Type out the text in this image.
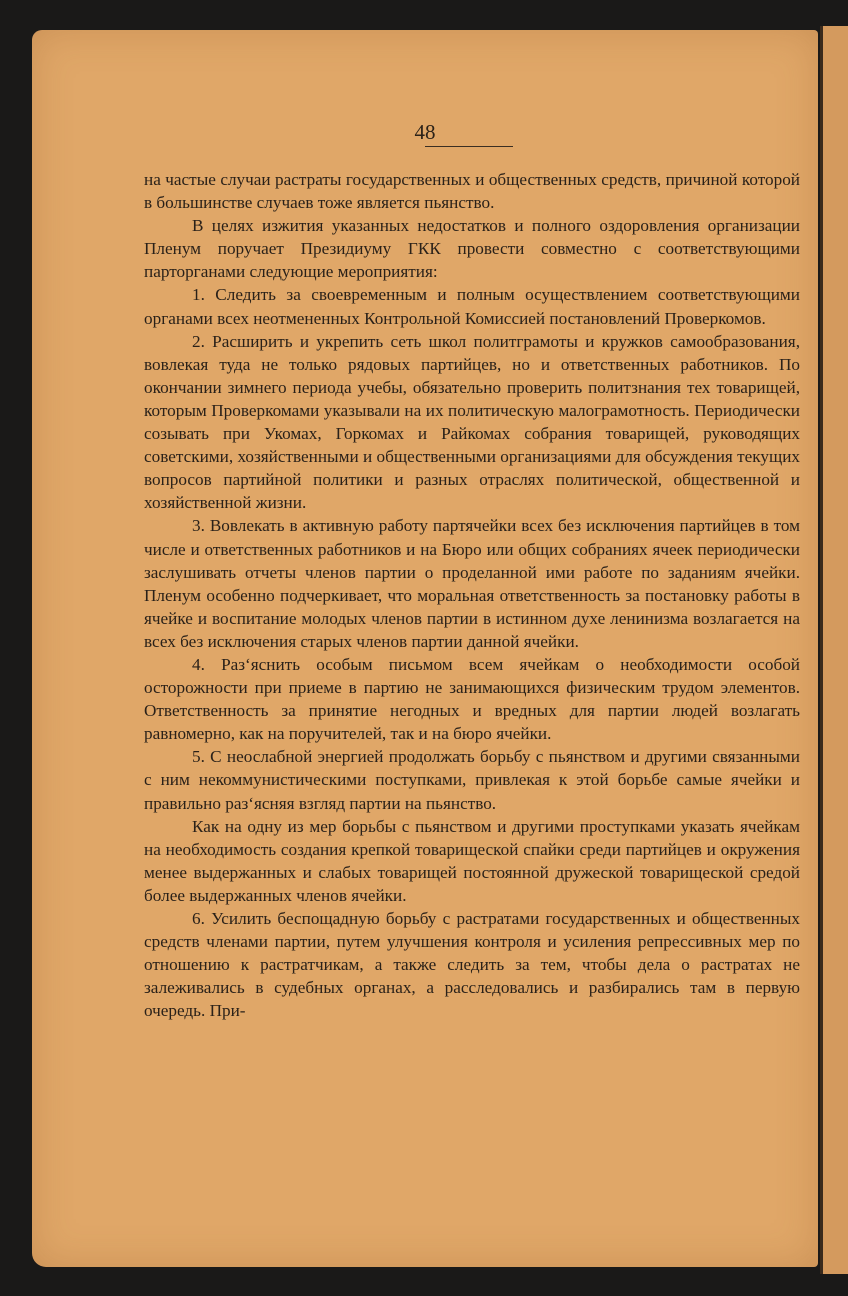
48

на частые случаи растраты государственных и общественных средств, причиной которой в большинстве случаев тоже является пьянство.

В целях изжития указанных недостатков и полного оздоровления организации Пленум поручает Президиуму ГКК провести совместно с соответствующими парторганами следующие мероприятия:

1. Следить за своевременным и полным осуществлением соответствующими органами всех неотмененных Контрольной Комиссией постановлений Проверкомов.

2. Расширить и укрепить сеть школ политграмоты и кружков самообразования, вовлекая туда не только рядовых партийцев, но и ответственных работников. По окончании зимнего периода учебы, обязательно проверить политзнания тех товарищей, которым Проверкомами указывали на их политическую малограмотность. Периодически созывать при Укомах, Горкомах и Райкомах собрания товарищей, руководящих советскими, хозяйственными и общественными организациями для обсуждения текущих вопросов партийной политики и разных отраслях политической, общественной и хозяйственной жизни.

3. Вовлекать в активную работу партячейки всех без исключения партийцев в том числе и ответственных работников и на Бюро или общих собраниях ячеек периодически заслушивать отчеты членов партии о проделанной ими работе по заданиям ячейки. Пленум особенно подчеркивает, что моральная ответственность за постановку работы в ячейке и воспитание молодых членов партии в истинном духе ленинизма возлагается на всех без исключения старых членов партии данной ячейки.

4. Раз‘яснить особым письмом всем ячейкам о необходимости особой осторожности при приеме в партию не занимающихся физическим трудом элементов. Ответственность за принятие негодных и вредных для партии людей возлагать равномерно, как на поручителей, так и на бюро ячейки.

5. С неослабной энергией продолжать борьбу с пьянством и другими связанными с ним некоммунистическими поступками, привлекая к этой борьбе самые ячейки и правильно раз‘ясняя взгляд партии на пьянство.

Как на одну из мер борьбы с пьянством и другими проступками указать ячейкам на необходимость создания крепкой товарищеской спайки среди партийцев и окружения менее выдержанных и слабых товарищей постоянной дружеской товарищеской средой более выдержанных членов ячейки.

6. Усилить беспощадную борьбу с растратами государственных и общественных средств членами партии, путем улучшения контроля и усиления репрессивных мер по отношению к растратчикам, а также следить за тем, чтобы дела о растратах не залеживались в судебных органах, а расследовались и разбирались там в первую очередь. При-
